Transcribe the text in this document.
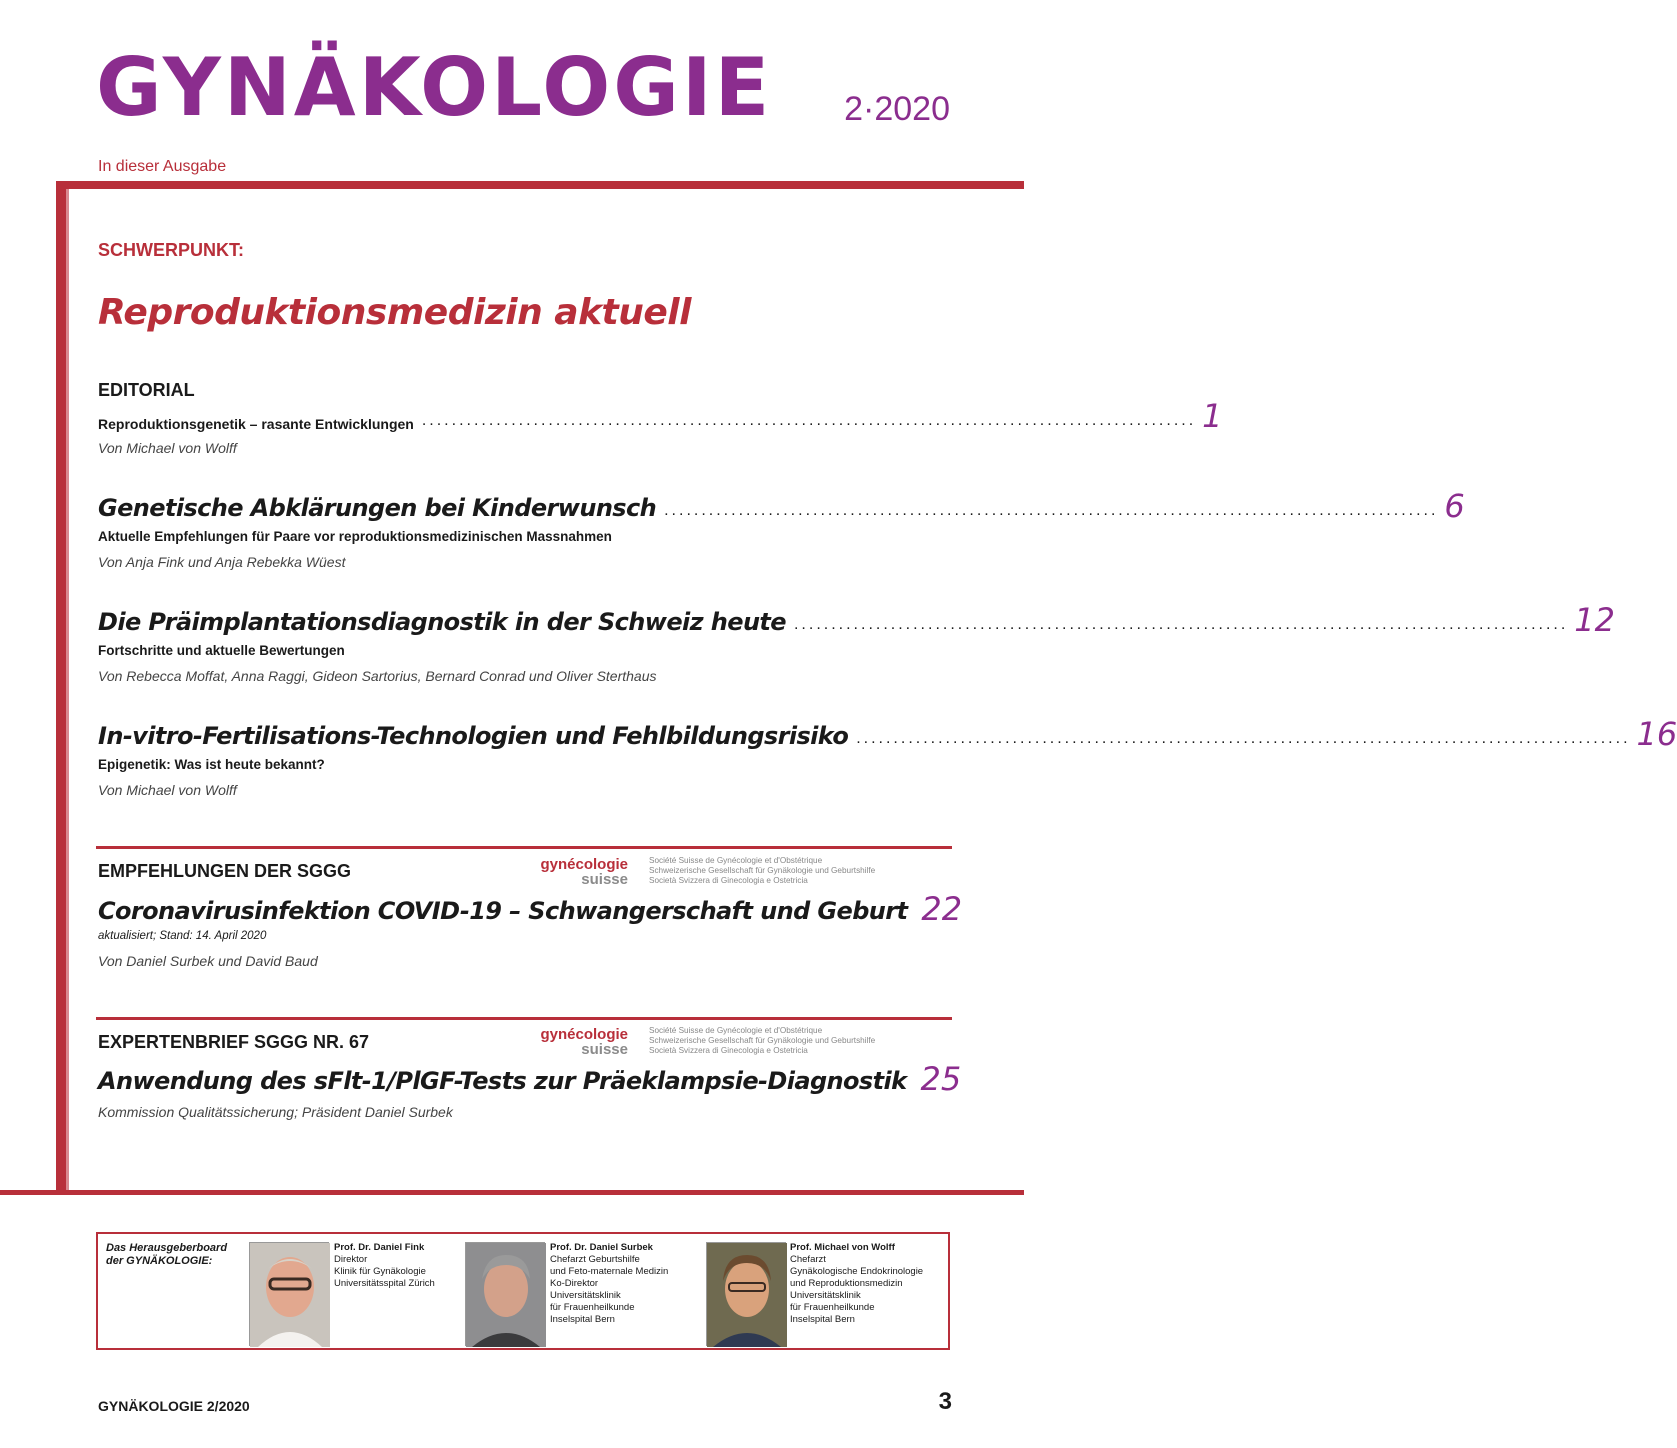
GYNÄKOLOGIE 2·2020
In dieser Ausgabe
SCHWERPUNKT:
Reproduktionsmedizin aktuell
EDITORIAL
Reproduktionsgenetik – rasante Entwicklungen ........................................................................................................ 1
Von Michael von Wolff
Genetische Abklärungen bei Kinderwunsch ........................................................................................................ 6
Aktuelle Empfehlungen für Paare vor reproduktionsmedizinischen Massnahmen
Von Anja Fink und Anja Rebekka Wüest
Die Präimplantationsdiagnostik in der Schweiz heute ........................................................................................................ 12
Fortschritte und aktuelle Bewertungen
Von Rebecca Moffat, Anna Raggi, Gideon Sartorius, Bernard Conrad und Oliver Sterthaus
In-vitro-Fertilisations-Technologien und Fehlbildungsrisiko ........................................................................................................ 16
Epigenetik: Was ist heute bekannt?
Von Michael von Wolff
EMPFEHLUNGEN DER SGGG	gynécologie
suisse
Société Suisse de Gynécologie et d'Obstétrique
Schweizerische Gesellschaft für Gynäkologie und Geburtshilfe
Società Svizzera di Ginecologia e Ostetricia
Coronavirusinfektion COVID-19 – Schwangerschaft und Geburt 22
aktualisiert; Stand: 14. April 2020
Von Daniel Surbek und David Baud
EXPERTENBRIEF SGGG NR. 67	gynécologie
suisse
Société Suisse de Gynécologie et d'Obstétrique
Schweizerische Gesellschaft für Gynäkologie und Geburtshilfe
Società Svizzera di Ginecologia e Ostetricia
Anwendung des sFlt-1/PlGF-Tests zur Präeklampsie-Diagnostik 25
Kommission Qualitätssicherung; Präsident Daniel Surbek
Das Herausgeberboard
der GYNÄKOLOGIE:
Prof. Dr. Daniel Fink
Direktor
Klinik für Gynäkologie
Universitätsspital Zürich
Prof. Dr. Daniel Surbek
Chefarzt Geburtshilfe
und Feto-maternale Medizin
Ko-Direktor
Universitätsklinik
für Frauenheilkunde
Inselspital Bern
Prof. Michael von Wolff
Chefarzt
Gynäkologische Endokrinologie
und Reproduktionsmedizin
Universitätsklinik
für Frauenheilkunde
Inselspital Bern
GYNÄKOLOGIE 2/2020	3
